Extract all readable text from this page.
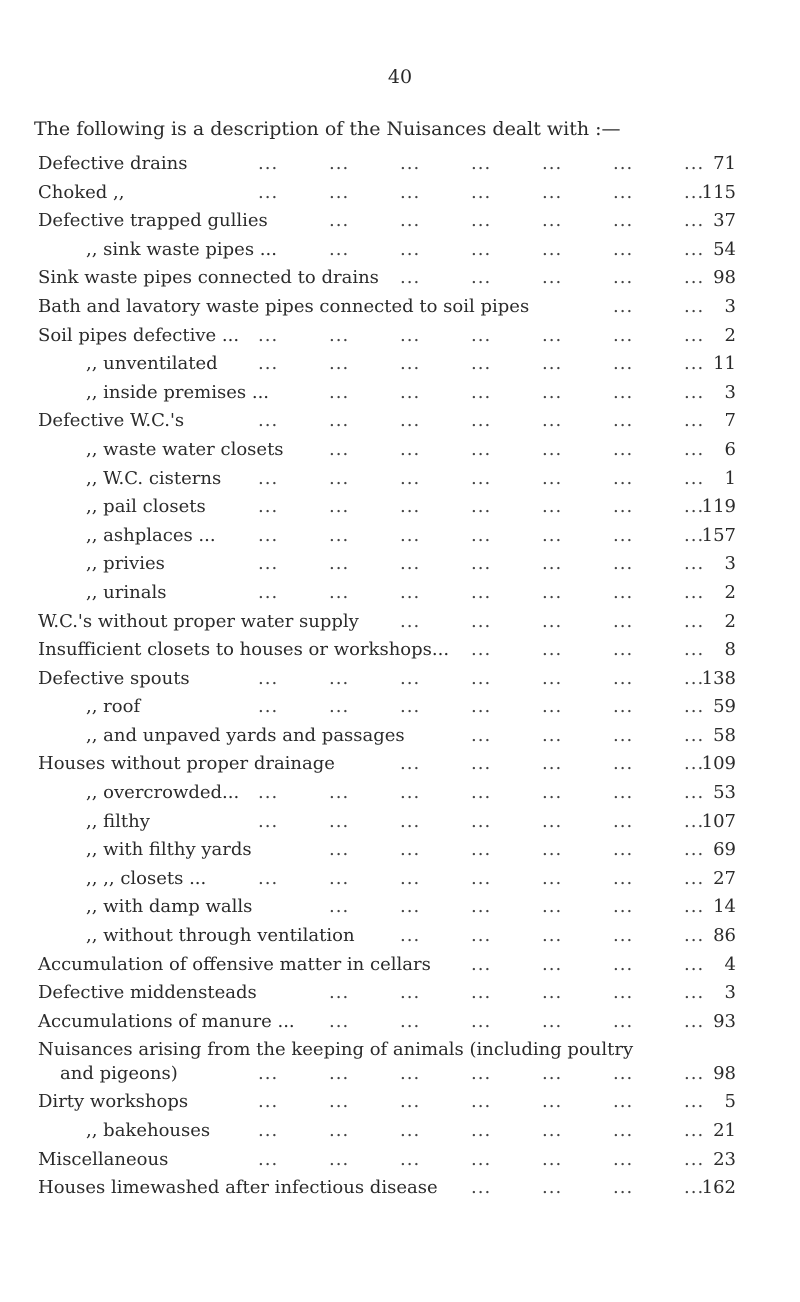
40
The following is a description of the Nuisances dealt with :—
Defective drains	71
...	...	...	...	...	...	...
Choked ,,	115
...	...	...	...	...	...	...
Defective trapped gullies	37
...	...	...	...	...	...
,, sink waste pipes ...	54
...	...	...	...	...	...
Sink waste pipes connected to drains	98
...	...	...	...	...
Bath and lavatory waste pipes connected to soil pipes	3
...	...
Soil pipes defective ...	2
...	...	...	...	...	...	...
,, unventilated	11
...	...	...	...	...	...	...
,, inside premises ...	3
...	...	...	...	...	...
Defective W.C.'s	7
...	...	...	...	...	...	...
,, waste water closets	6
...	...	...	...	...	...
,, W.C. cisterns	1
...	...	...	...	...	...	...
,, pail closets	119
...	...	...	...	...	...	...
,, ashplaces ...	157
...	...	...	...	...	...	...
,, privies	3
...	...	...	...	...	...	...
,, urinals	2
...	...	...	...	...	...	...
W.C.'s without proper water supply	2
...	...	...	...	...
Insufficient closets to houses or workshops...	8
...	...	...	...
Defective spouts	138
...	...	...	...	...	...	...
,, roof	59
...	...	...	...	...	...	...
,, and unpaved yards and passages	58
...	...	...	...
Houses without proper drainage	109
...	...	...	...	...
,, overcrowded...	53
...	...	...	...	...	...	...
,, filthy	107
...	...	...	...	...	...	...
,, with filthy yards	69
...	...	...	...	...	...
,, ,, closets ...	27
...	...	...	...	...	...	...
,, with damp walls	14
...	...	...	...	...	...
,, without through ventilation	86
...	...	...	...	...
Accumulation of offensive matter in cellars	4
...	...	...	...
Defective middensteads	3
...	...	...	...	...	...
Accumulations of manure ...	93
...	...	...	...	...	...
Nuisances arising from the keeping of animals (including poultry
and pigeons)	98
...	...	...	...	...	...	...
Dirty workshops	5
...	...	...	...	...	...	...
,, bakehouses	21
...	...	...	...	...	...	...
Miscellaneous	23
...	...	...	...	...	...	...
Houses limewashed after infectious disease	162
...	...	...	...
